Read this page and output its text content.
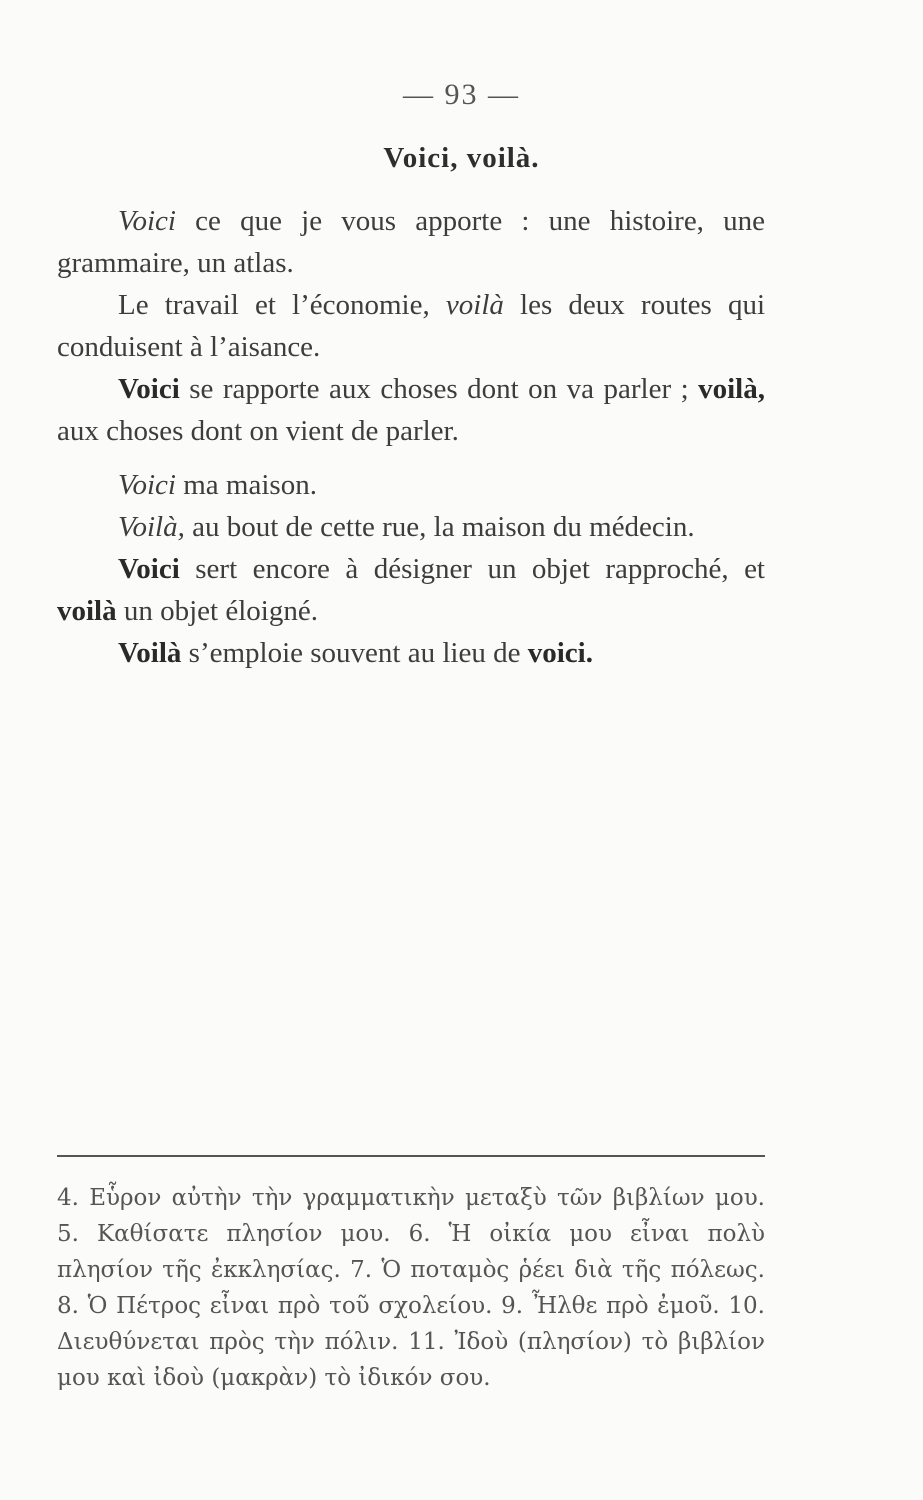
— 93 —
Voici, voilà.

Voici ce que je vous apporte : une histoire, une grammaire, un atlas.

Le travail et l’économie, voilà les deux routes qui conduisent à l’aisance.

Voici se rapporte aux choses dont on va parler ; voilà, aux choses dont on vient de parler.

Voici ma maison.

Voilà, au bout de cette rue, la maison du médecin.

Voici sert encore à désigner un objet rapproché, et voilà un objet éloigné.

Voilà s’emploie souvent au lieu de voici.

4. Εὗρον αὐτὴν τὴν γραμματικὴν μεταξὺ τῶν βιβλίων μου. 5. Καθίσατε πλησίον μου. 6. Ἡ οἰκία μου εἶναι πολὺ πλησίον τῆς ἐκκλησίας. 7. Ὁ ποταμὸς ῥέει διὰ τῆς πόλεως. 8. Ὁ Πέτρος εἶναι πρὸ τοῦ σχολείου. 9. Ἦλθε πρὸ ἐμοῦ. 10. Διευθύνεται πρὸς τὴν πόλιν. 11. Ἰδοὺ (πλησίον) τὸ βιβλίον μου καὶ ἰδοὺ (μακρὰν) τὸ ἰδικόν σου.
